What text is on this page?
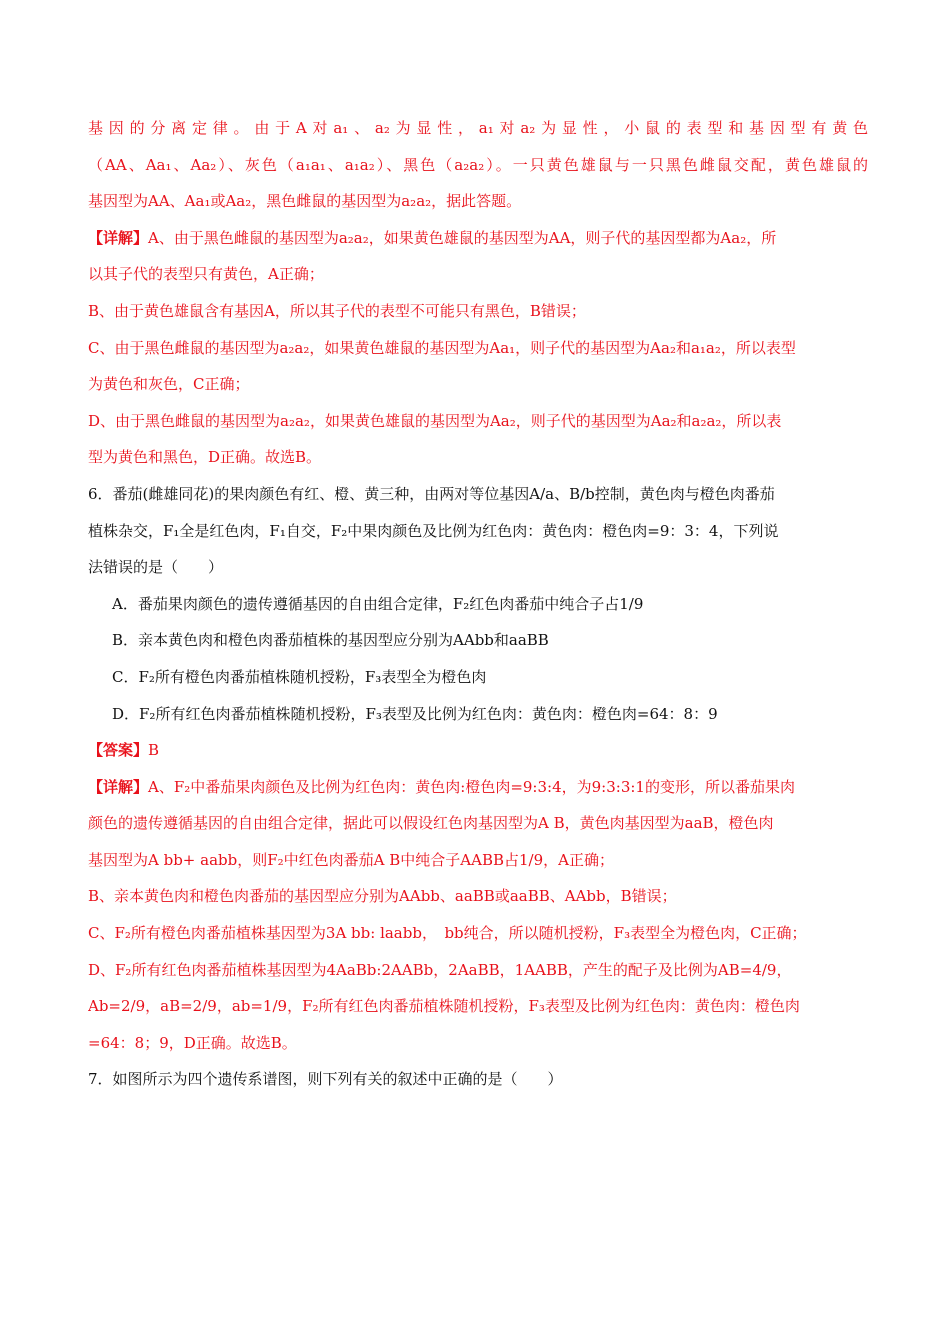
基因的分离定律。由于A对a₁、a₂为显性，a₁对a₂为显性，小鼠的表型和基因型有黄色
（AA、Aa₁、Aa₂）、灰色（a₁a₁、a₁a₂）、黑色（a₂a₂）。一只黄色雄鼠与一只黑色雌鼠交配，黄色雄鼠的
基因型为AA、Aa₁或Aa₂，黑色雌鼠的基因型为a₂a₂，据此答题。
【详解】A、由于黑色雌鼠的基因型为a₂a₂，如果黄色雄鼠的基因型为AA，则子代的基因型都为Aa₂，所
以其子代的表型只有黄色，A正确；
B、由于黄色雄鼠含有基因A，所以其子代的表型不可能只有黑色，B错误；
C、由于黑色雌鼠的基因型为a₂a₂，如果黄色雄鼠的基因型为Aa₁，则子代的基因型为Aa₂和a₁a₂，所以表型
为黄色和灰色，C正确；
D、由于黑色雌鼠的基因型为a₂a₂，如果黄色雄鼠的基因型为Aa₂，则子代的基因型为Aa₂和a₂a₂，所以表
型为黄色和黑色，D正确。故选B。
6．番茄(雌雄同花)的果肉颜色有红、橙、黄三种，由两对等位基因A/a、B/b控制，黄色肉与橙色肉番茄
植株杂交，F₁全是红色肉，F₁自交，F₂中果肉颜色及比例为红色肉：黄色肉：橙色肉=9：3：4，下列说
法错误的是（　　）
A．番茄果肉颜色的遗传遵循基因的自由组合定律，F₂红色肉番茄中纯合子占1/9
B．亲本黄色肉和橙色肉番茄植株的基因型应分别为AAbb和aaBB
C．F₂所有橙色肉番茄植株随机授粉，F₃表型全为橙色肉
D．F₂所有红色肉番茄植株随机授粉，F₃表型及比例为红色肉：黄色肉：橙色肉=64：8：9
【答案】B
【详解】A、F₂中番茄果肉颜色及比例为红色肉：黄色肉:橙色肉=9:3:4，为9:3:3:1的变形，所以番茄果肉
颜色的遗传遵循基因的自由组合定律，据此可以假设红色肉基因型为A B，黄色肉基因型为aaB，橙色肉
基因型为A bb+ aabb，则F₂中红色肉番茄A B中纯合子AABB占1/9，A正确；
B、亲本黄色肉和橙色肉番茄的基因型应分别为AAbb、aaBB或aaBB、AAbb，B错误；
C、F₂所有橙色肉番茄植株基因型为3A bb: laabb，　bb纯合，所以随机授粉，F₃表型全为橙色肉，C正确；
D、F₂所有红色肉番茄植株基因型为4AaBb:2AABb，2AaBB，1AABB，产生的配子及比例为AB=4/9，
Ab=2/9，aB=2/9，ab=1/9，F₂所有红色肉番茄植株随机授粉，F₃表型及比例为红色肉：黄色肉：橙色肉
=64：8；9，D正确。故选B。
7．如图所示为四个遗传系谱图，则下列有关的叙述中正确的是（　　）
